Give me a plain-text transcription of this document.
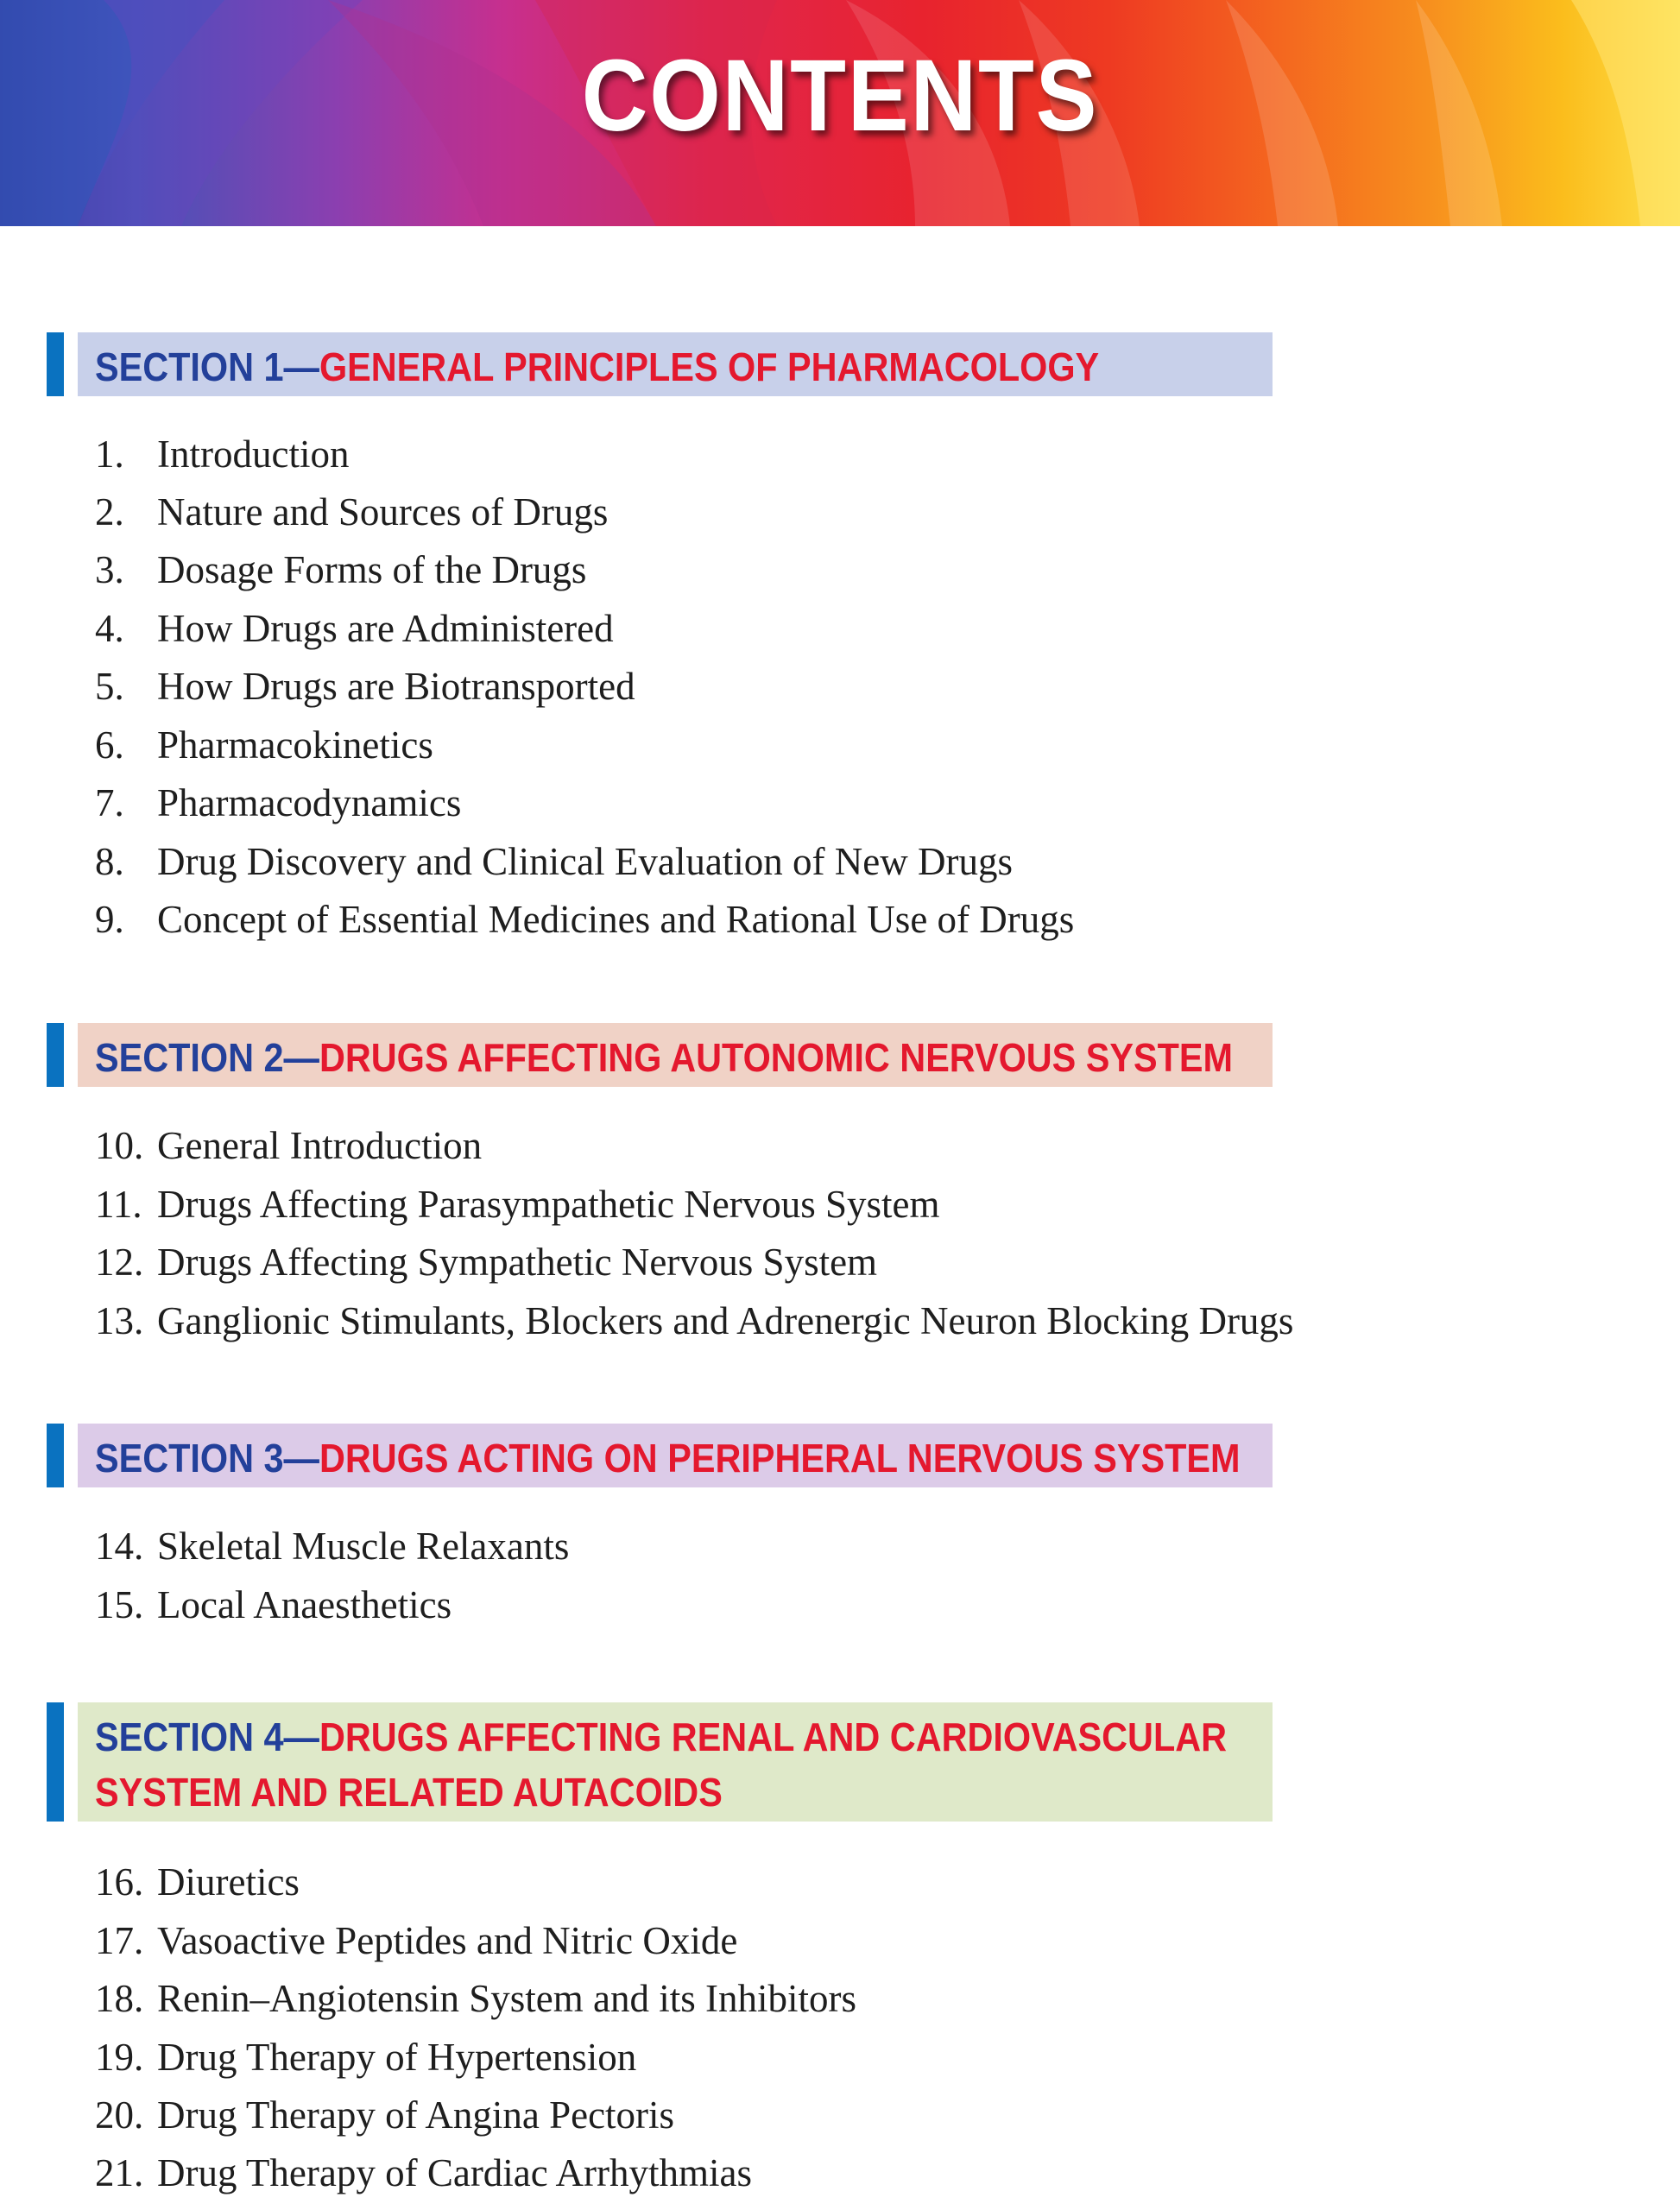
CONTENTS
SECTION 1—GENERAL PRINCIPLES OF PHARMACOLOGY
1. Introduction
2. Nature and Sources of Drugs
3. Dosage Forms of the Drugs
4. How Drugs are Administered
5. How Drugs are Biotransported
6. Pharmacokinetics
7. Pharmacodynamics
8. Drug Discovery and Clinical Evaluation of New Drugs
9. Concept of Essential Medicines and Rational Use of Drugs
SECTION 2—DRUGS AFFECTING AUTONOMIC NERVOUS SYSTEM
10. General Introduction
11. Drugs Affecting Parasympathetic Nervous System
12. Drugs Affecting Sympathetic Nervous System
13. Ganglionic Stimulants, Blockers and Adrenergic Neuron Blocking Drugs
SECTION 3—DRUGS ACTING ON PERIPHERAL NERVOUS SYSTEM
14. Skeletal Muscle Relaxants
15. Local Anaesthetics
SECTION 4—DRUGS AFFECTING RENAL AND CARDIOVASCULAR
SYSTEM AND RELATED AUTACOIDS
16. Diuretics
17. Vasoactive Peptides and Nitric Oxide
18. Renin–Angiotensin System and its Inhibitors
19. Drug Therapy of Hypertension
20. Drug Therapy of Angina Pectoris
21. Drug Therapy of Cardiac Arrhythmias
